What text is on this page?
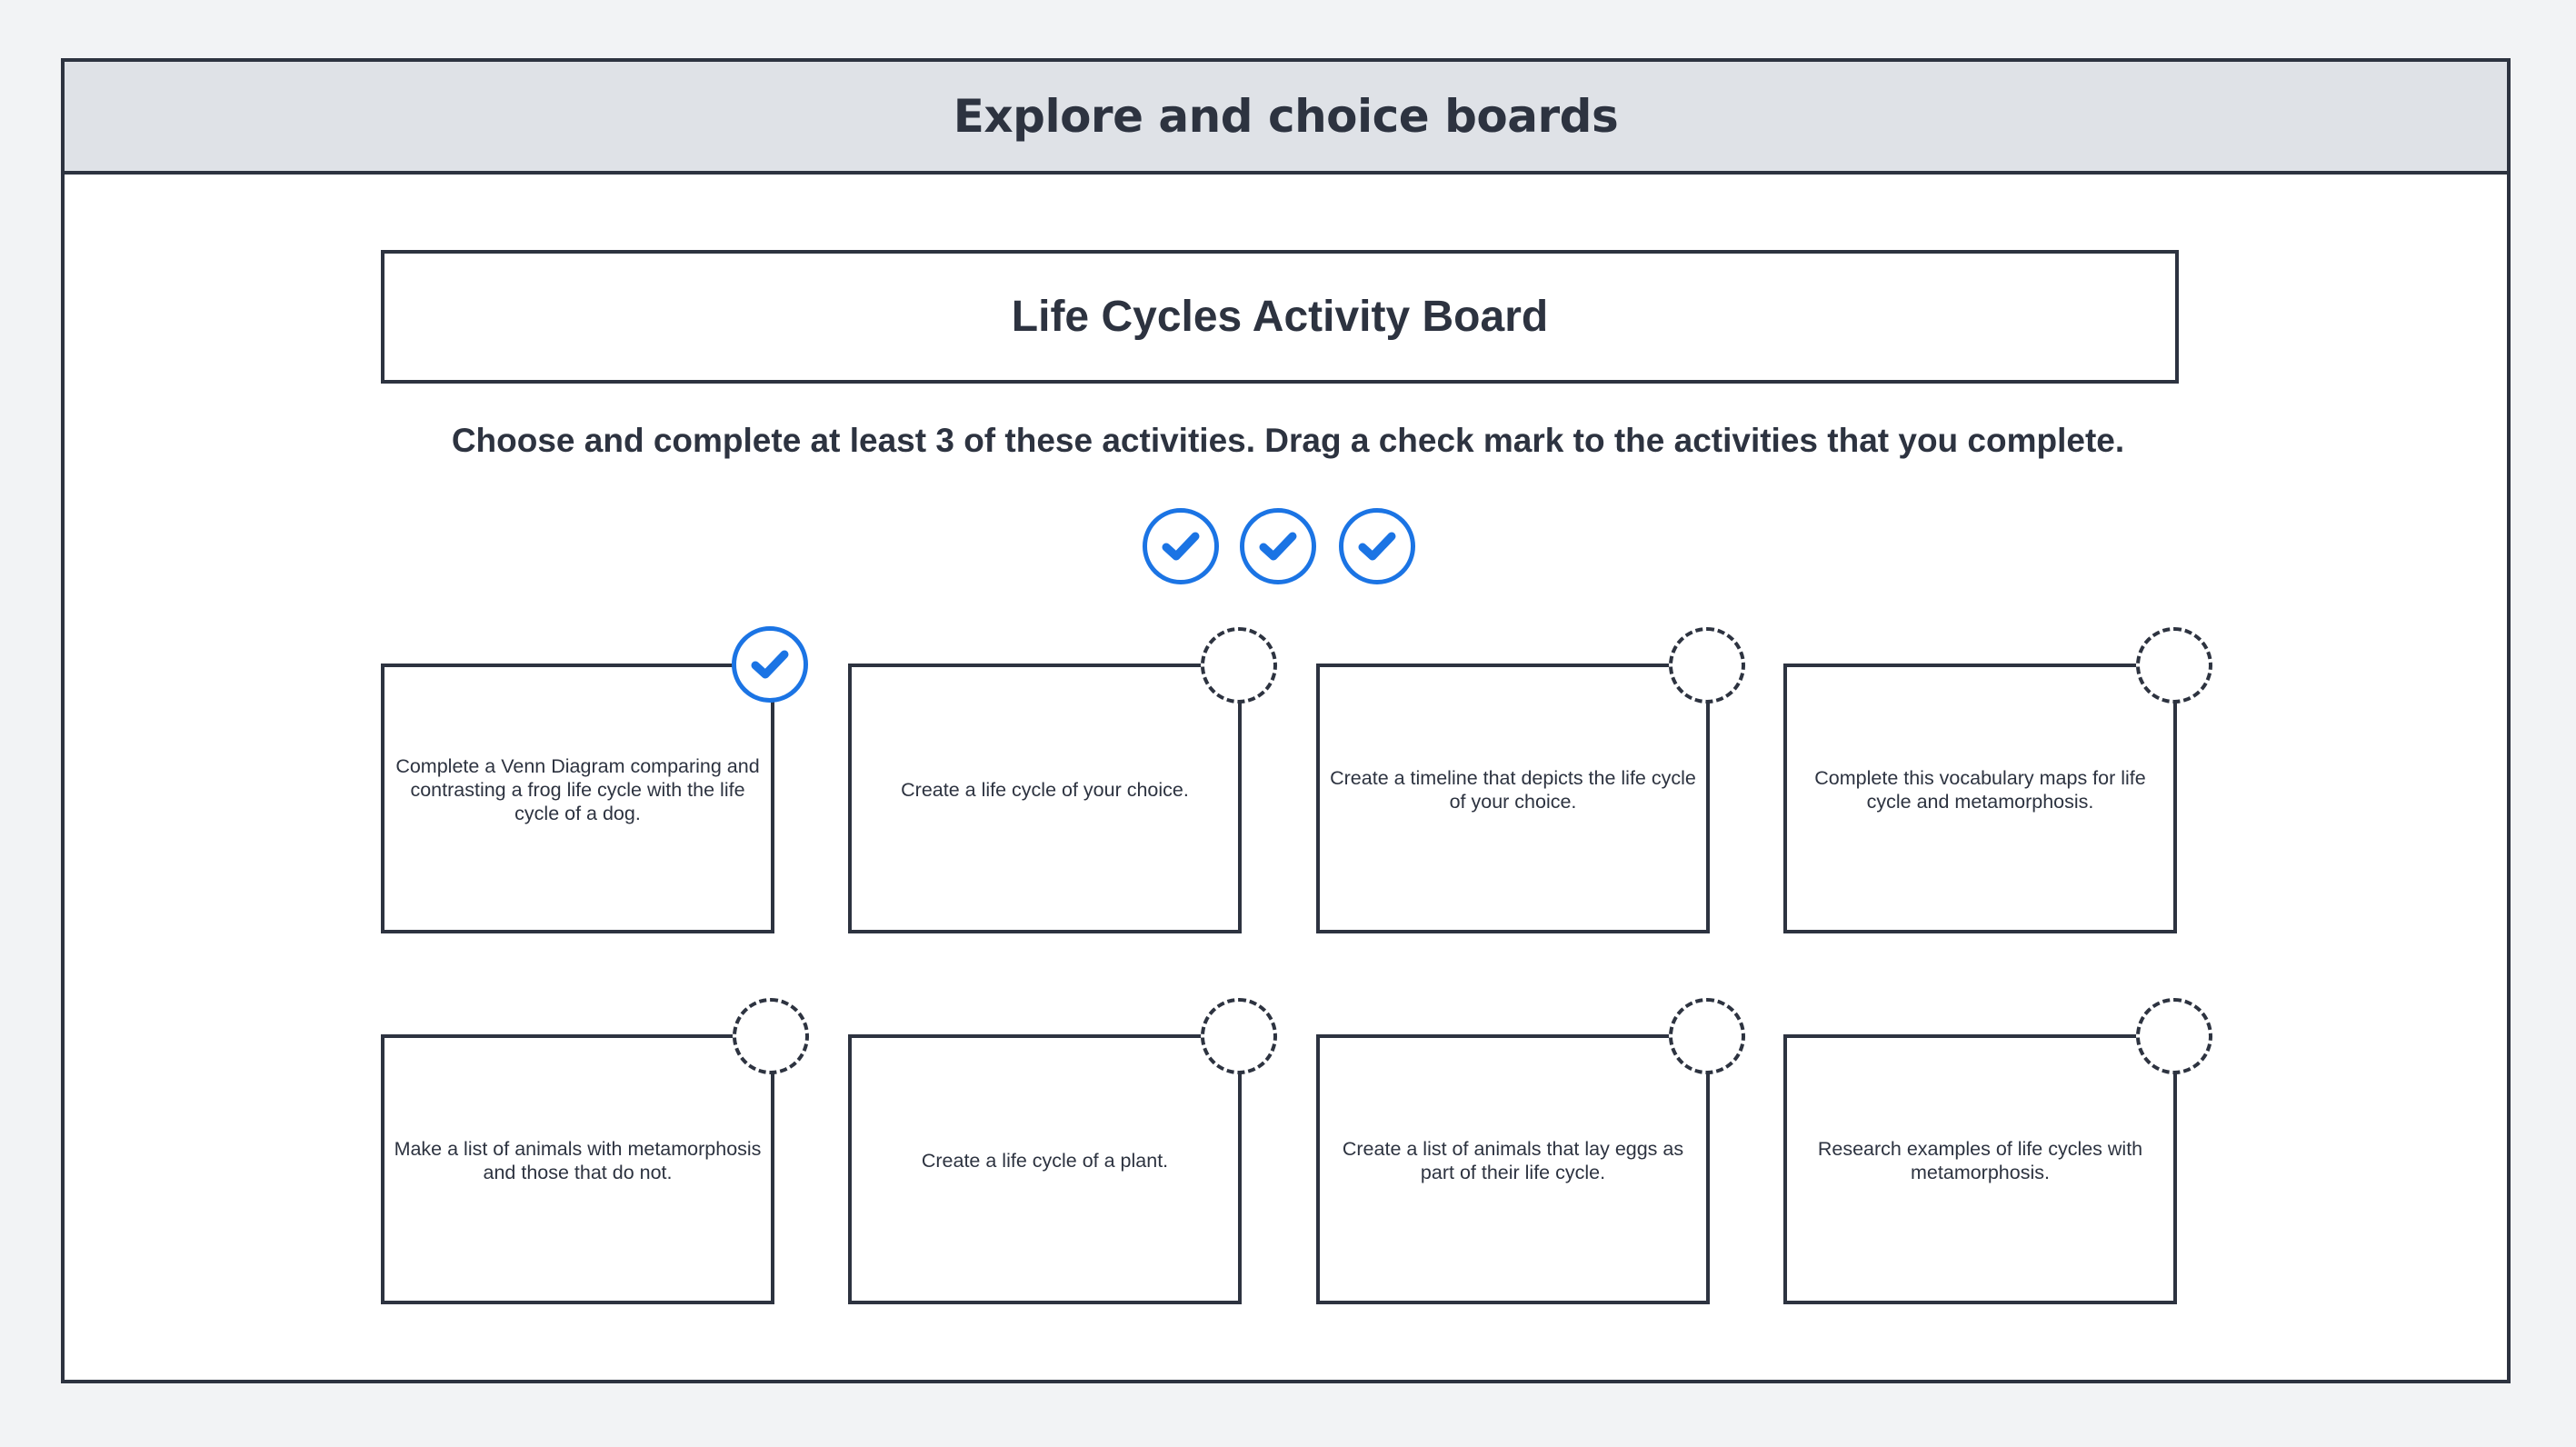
Explore and choice boards
Life Cycles Activity Board
Choose and complete at least 3 of these activities. Drag a check mark to the activities that you complete.
Complete a Venn Diagram comparing and contrasting a frog life cycle with the life cycle of a dog.
Create a life cycle of your choice.
Create a timeline that depicts the life cycle of your choice.
Complete this vocabulary maps for life cycle and metamorphosis.
Make a list of animals with metamorphosis and those that do not.
Create a life cycle of a plant.
Create a list of animals that lay eggs as part of their life cycle.
Research examples of life cycles with metamorphosis.
